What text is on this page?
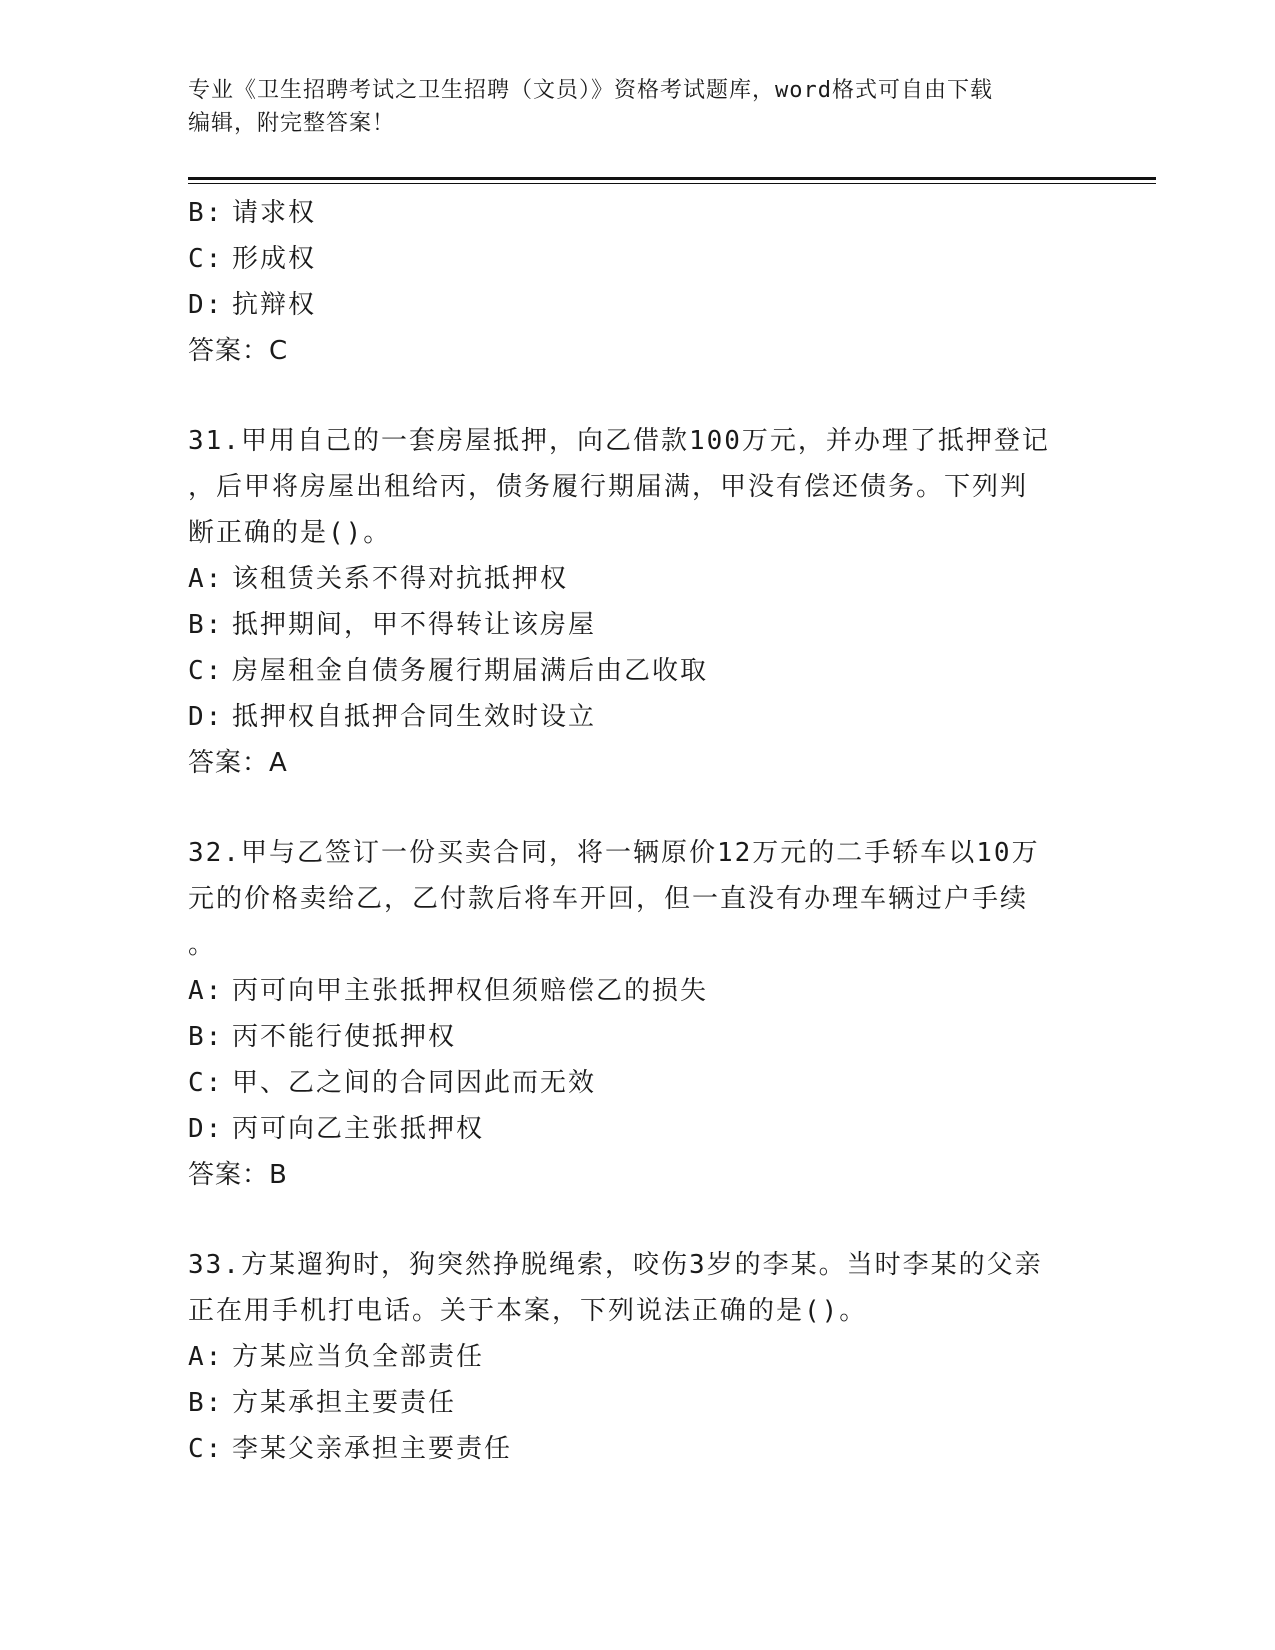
专业《卫生招聘考试之卫生招聘（文员）》资格考试题库，word格式可自由下载
编辑，附完整答案！
B: 请求权
C: 形成权
D: 抗辩权
答案：C
31.甲用自己的一套房屋抵押，向乙借款100万元，并办理了抵押登记
，后甲将房屋出租给丙，债务履行期届满，甲没有偿还债务。下列判
断正确的是()。
A: 该租赁关系不得对抗抵押权
B: 抵押期间，甲不得转让该房屋
C: 房屋租金自债务履行期届满后由乙收取
D: 抵押权自抵押合同生效时设立
答案：A
32.甲与乙签订一份买卖合同，将一辆原价12万元的二手轿车以10万
元的价格卖给乙，乙付款后将车开回，但一直没有办理车辆过户手续
。
A: 丙可向甲主张抵押权但须赔偿乙的损失
B: 丙不能行使抵押权
C: 甲、乙之间的合同因此而无效
D: 丙可向乙主张抵押权
答案：B
33.方某遛狗时，狗突然挣脱绳索，咬伤3岁的李某。当时李某的父亲
正在用手机打电话。关于本案，下列说法正确的是()。
A: 方某应当负全部责任
B: 方某承担主要责任
C: 李某父亲承担主要责任
